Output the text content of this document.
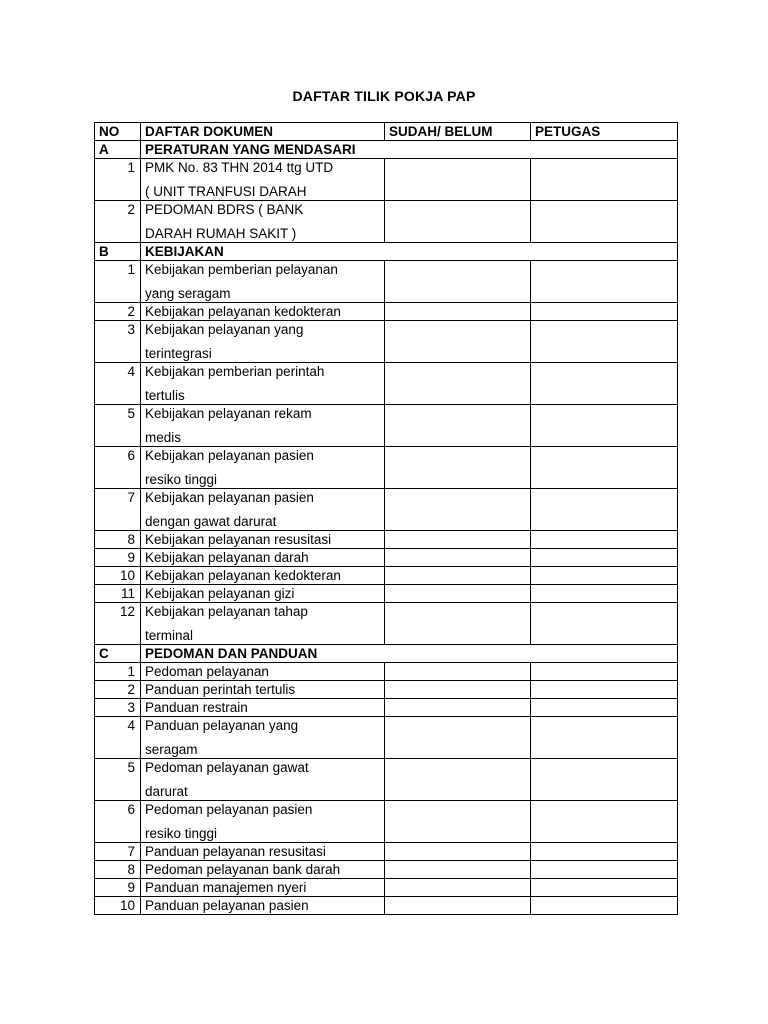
DAFTAR TILIK POKJA PAP
NO	DAFTAR DOKUMEN	SUDAH/ BELUM	PETUGAS
A	PERATURAN YANG MENDASARI		
1	PMK No. 83 THN 2014 ttg UTD
( UNIT TRANFUSI DARAH		

2	PEDOMAN BDRS ( BANK
DARAH RUMAH SAKIT )		

B	KEBIJAKAN		
1	Kebijakan pemberian pelayanan
yang seragam		

2	Kebijakan pelayanan kedokteran		
3	Kebijakan pelayanan yang
terintegrasi		

4	Kebijakan pemberian perintah
tertulis		

5	Kebijakan pelayanan rekam
medis		

6	Kebijakan pelayanan pasien
resiko tinggi		

7	Kebijakan pelayanan pasien
dengan gawat darurat		

8	Kebijakan pelayanan resusitasi		
9	Kebijakan pelayanan darah		
10	Kebijakan pelayanan kedokteran		
11	Kebijakan pelayanan gizi		
12	Kebijakan pelayanan tahap
terminal		

C	PEDOMAN DAN PANDUAN		
1	Pedoman pelayanan		
2	Panduan perintah tertulis		
3	Panduan restrain		
4	Panduan pelayanan yang
seragam		

5	Pedoman pelayanan gawat
darurat		

6	Pedoman pelayanan pasien
resiko tinggi		

7	Panduan pelayanan resusitasi		
8	Pedoman pelayanan bank darah		
9	Panduan manajemen nyeri		
10	Panduan pelayanan pasien		
